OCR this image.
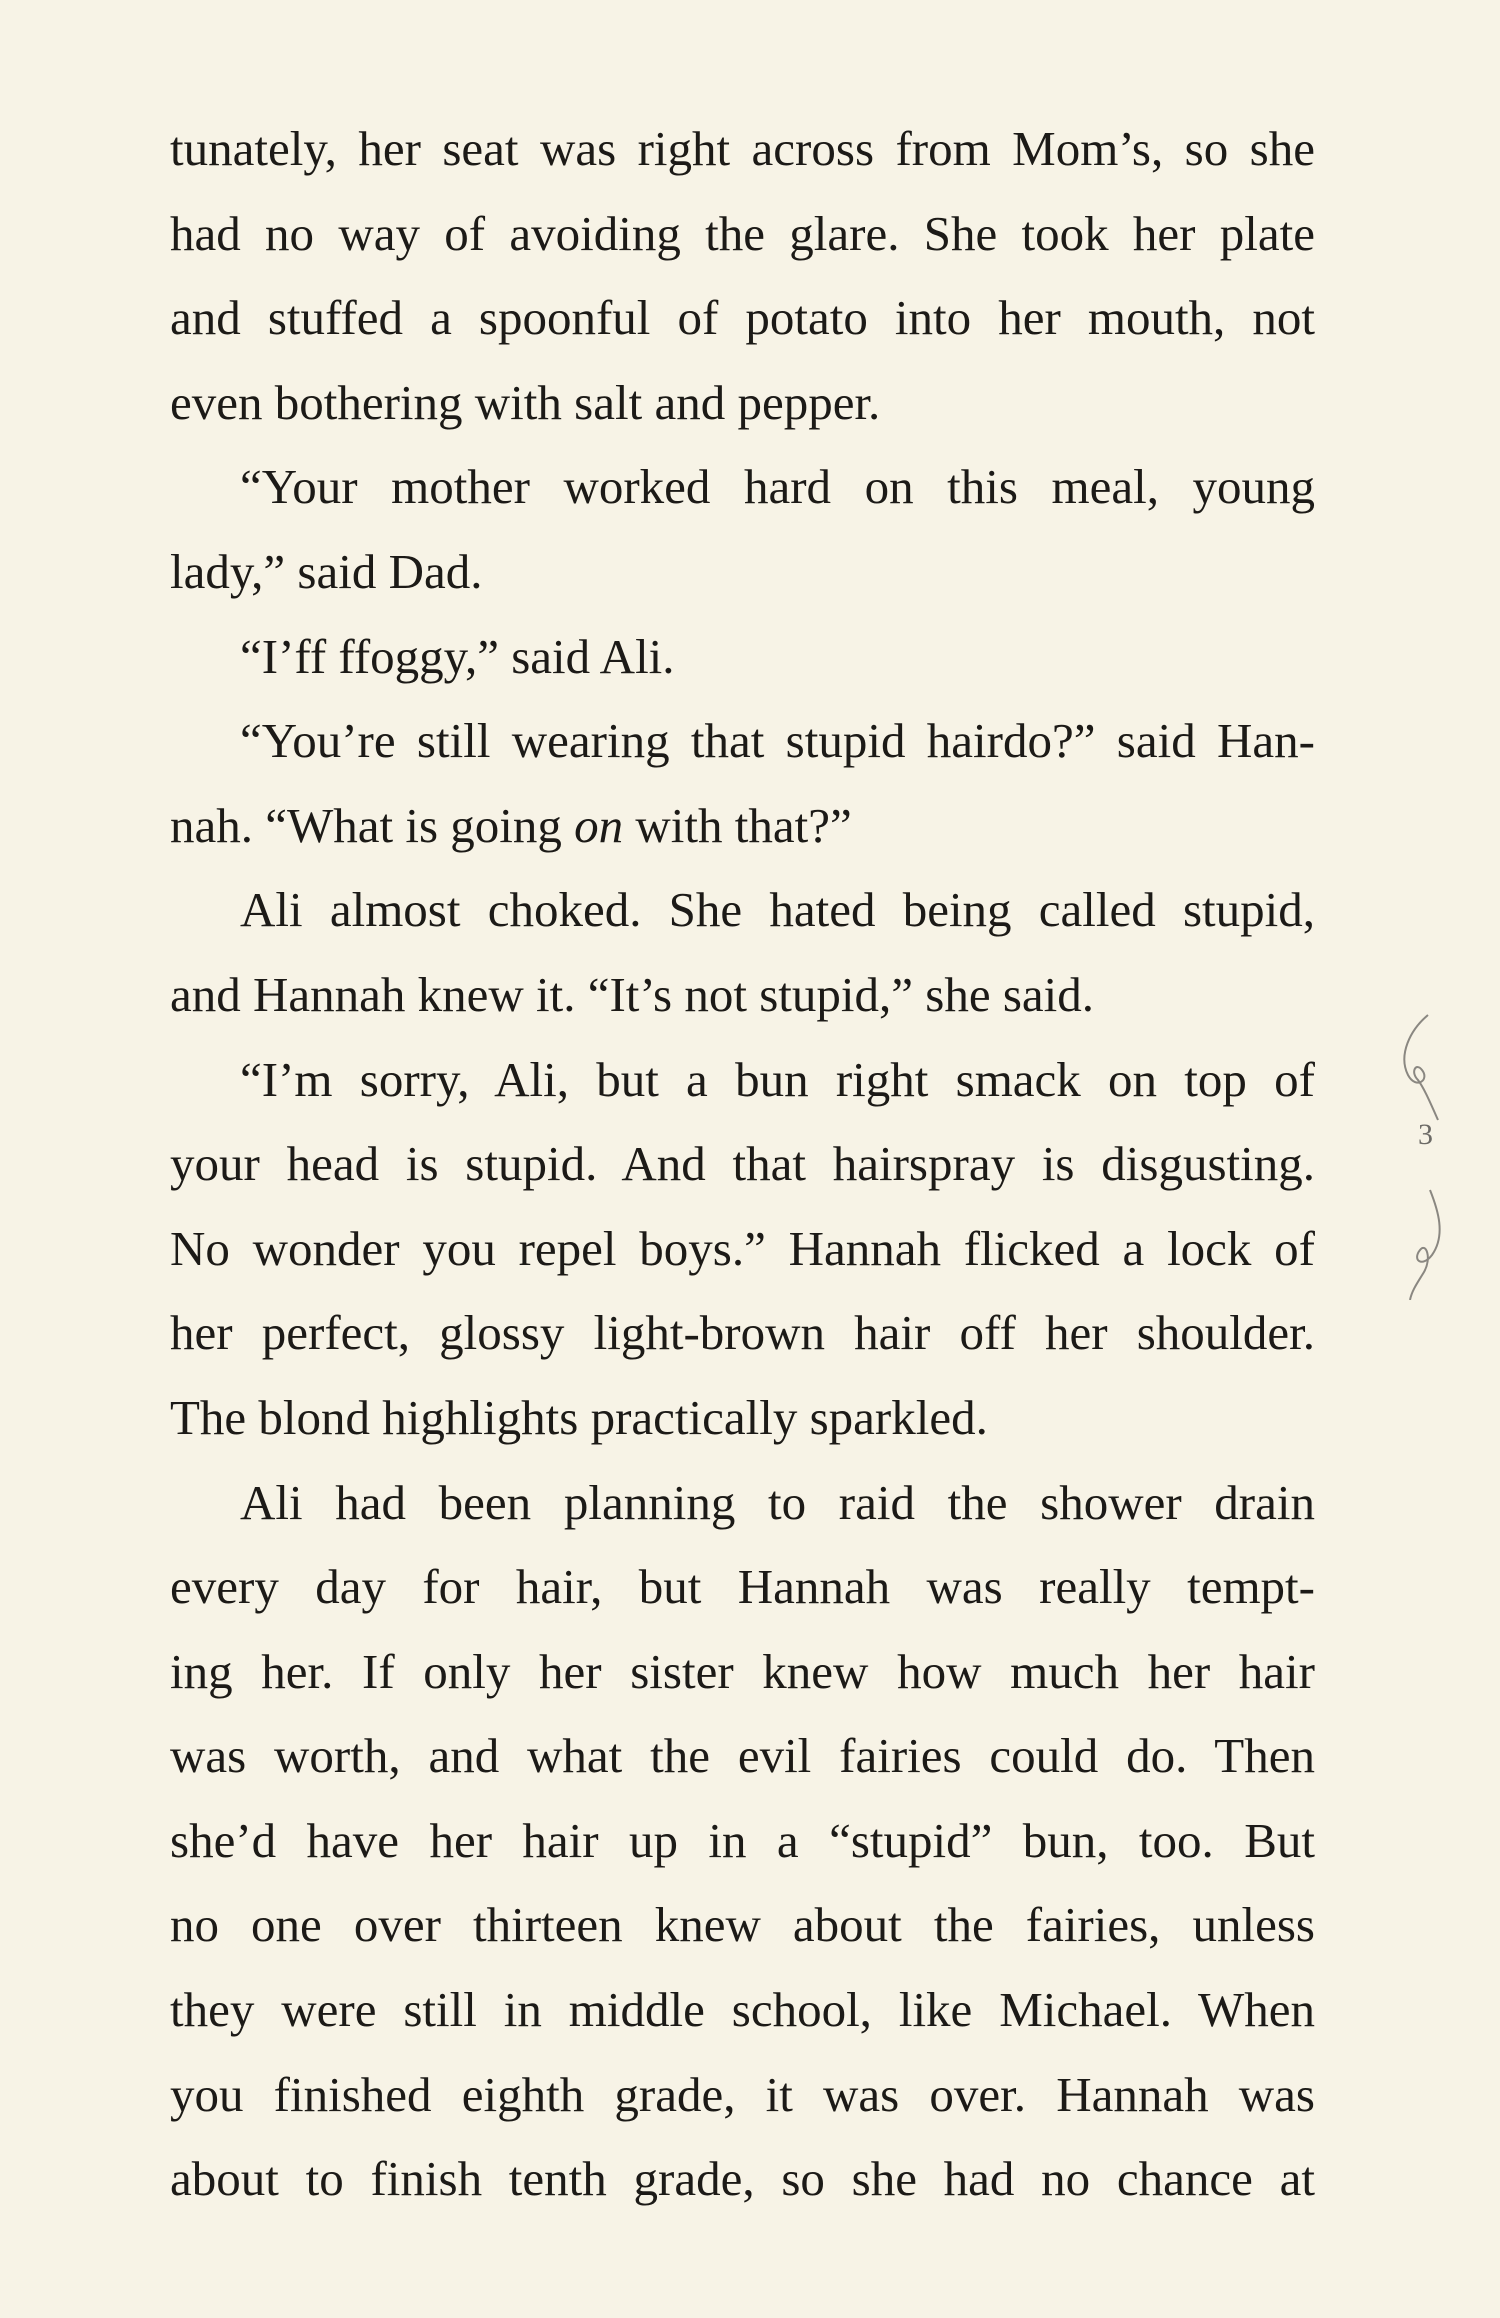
tunately, her seat was right across from Mom’s, so she
had no way of avoiding the glare. She took her plate
and stuffed a spoonful of potato into her mouth, not
even bothering with salt and pepper.
“Your mother worked hard on this meal, young
lady,” said Dad.
“I’ff ffoggy,” said Ali.
“You’re still wearing that stupid hairdo?” said Han-
nah. “What is going on with that?”
Ali almost choked. She hated being called stupid,
and Hannah knew it. “It’s not stupid,” she said.
“I’m sorry, Ali, but a bun right smack on top of
your head is stupid. And that hairspray is disgusting.
No wonder you repel boys.” Hannah flicked a lock of
her perfect, glossy light-brown hair off her shoulder.
The blond highlights practically sparkled.
Ali had been planning to raid the shower drain
every day for hair, but Hannah was really tempt-
ing her. If only her sister knew how much her hair
was worth, and what the evil fairies could do. Then
she’d have her hair up in a “stupid” bun, too. But
no one over thirteen knew about the fairies, unless
they were still in middle school, like Michael. When
you finished eighth grade, it was over. Hannah was
about to finish tenth grade, so she had no chance at
3
